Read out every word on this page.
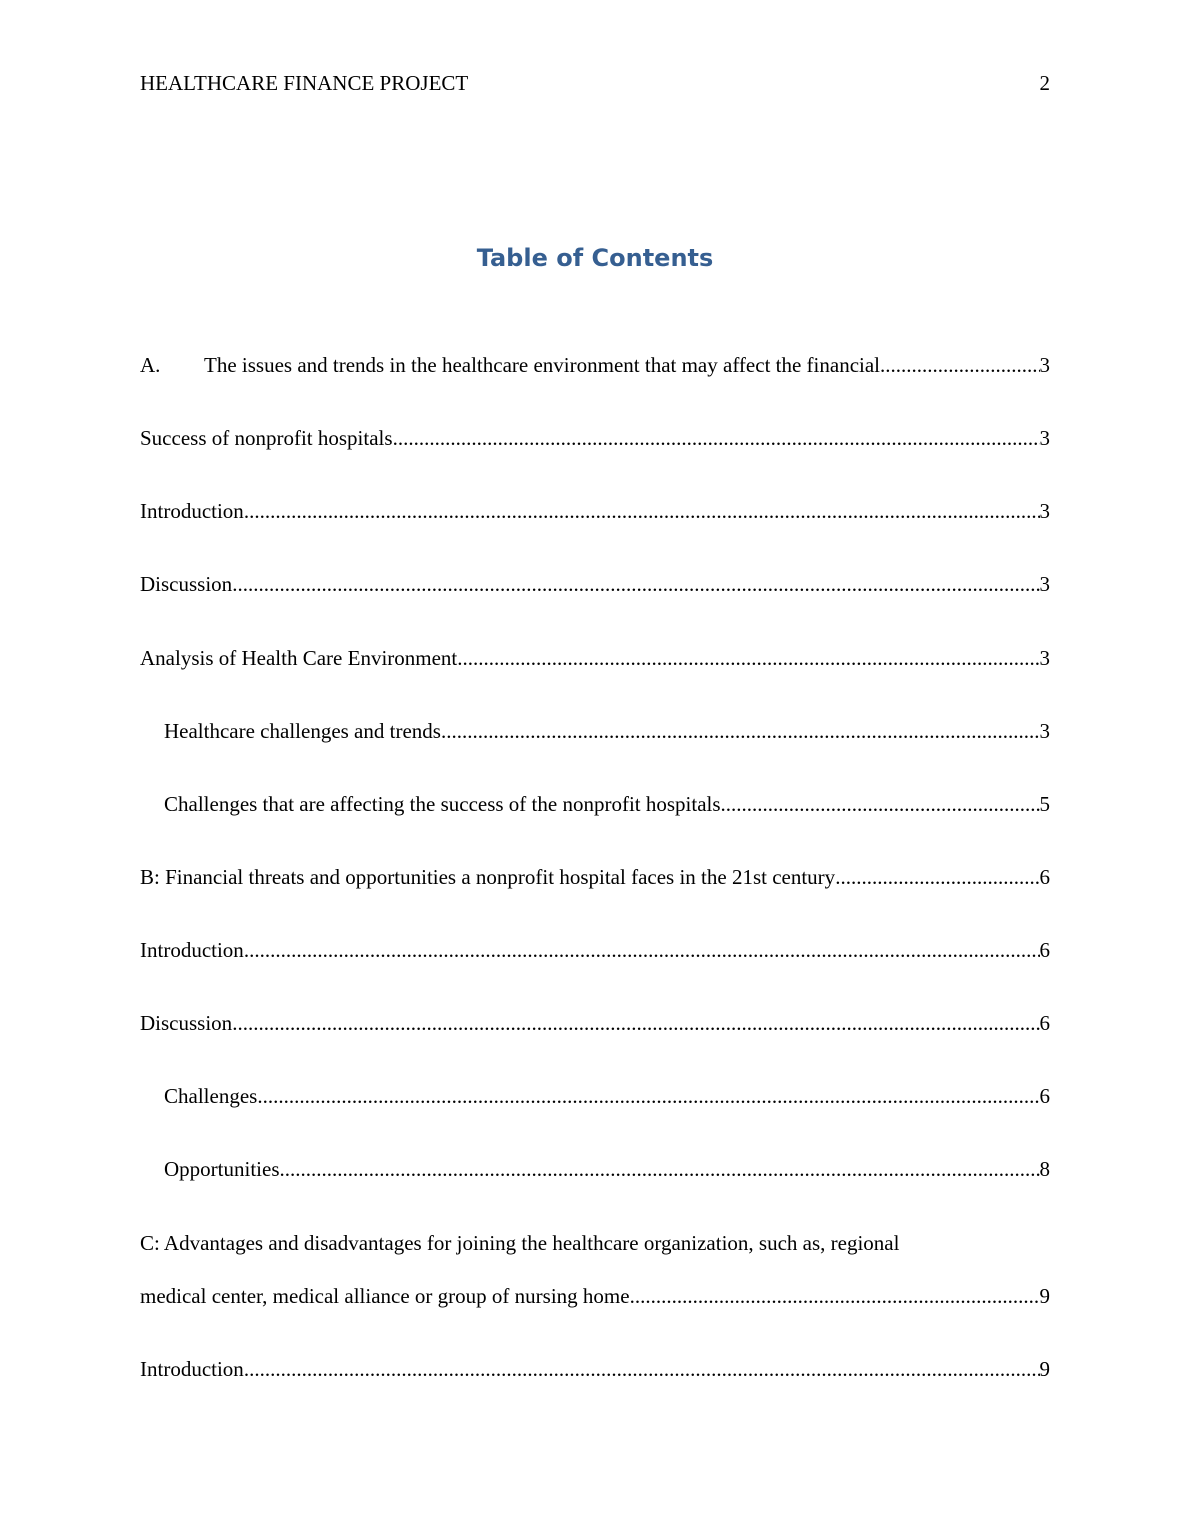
HEALTHCARE FINANCE PROJECT	2
Table of Contents
A.	The issues and trends in the healthcare environment that may affect the financial .....	3
Success of nonprofit hospitals .....	3
Introduction .....	3
Discussion .....	3
Analysis of Health Care Environment .....	3
Healthcare challenges and trends .....	3
Challenges that are affecting the success of the nonprofit hospitals .....	5
B: Financial threats and opportunities a nonprofit hospital faces in the 21st century .....	6
Introduction .....	6
Discussion .....	6
Challenges .....	6
Opportunities .....	8
C: Advantages and disadvantages for joining the healthcare organization, such as, regional
medical center, medical alliance or group of nursing home .....	9
Introduction .....	9
